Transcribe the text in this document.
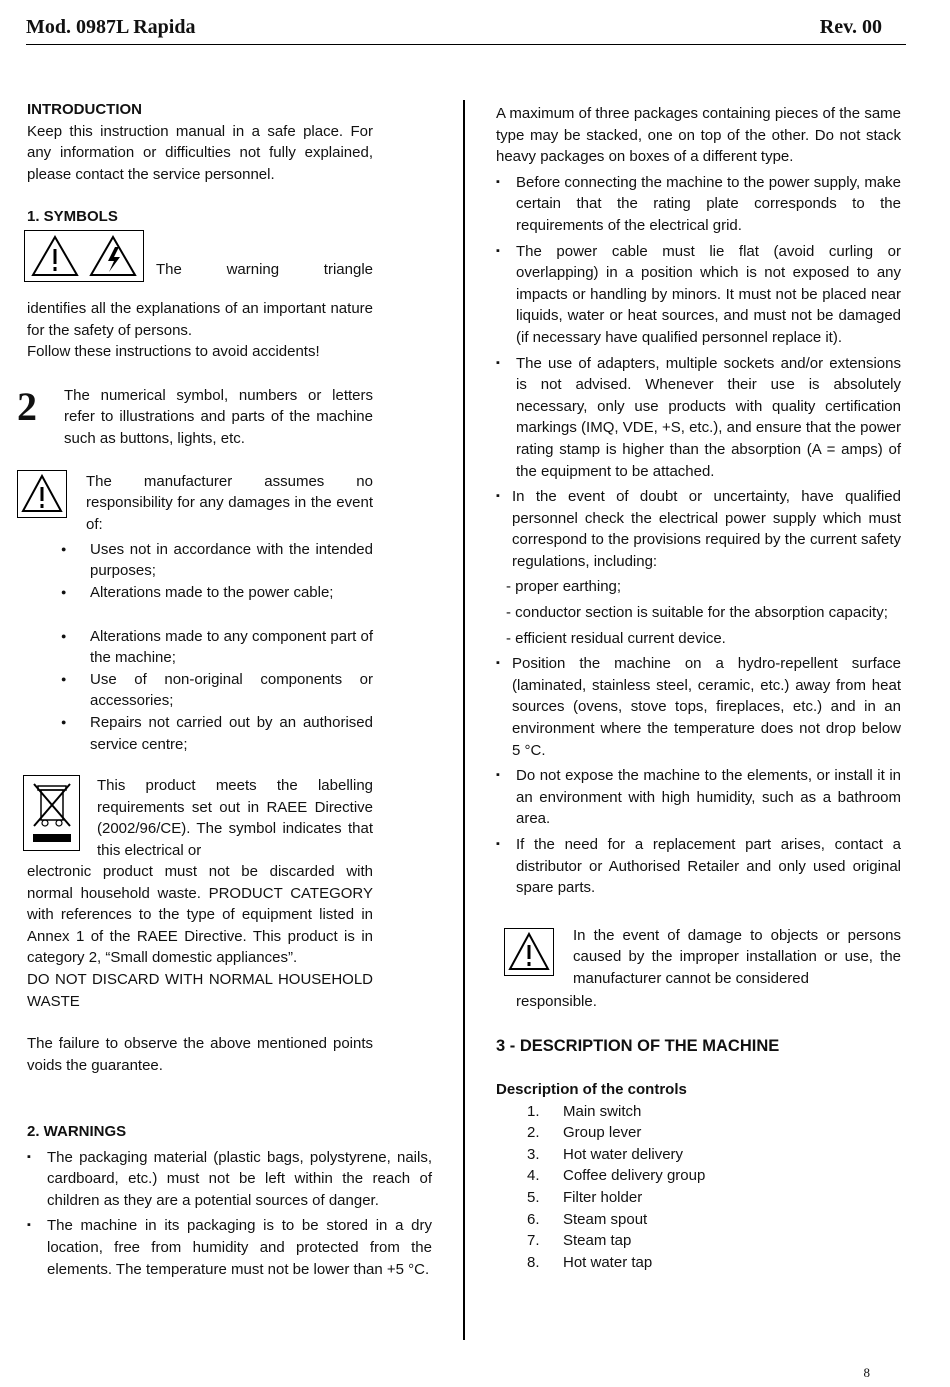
Mod. 0987L Rapida	Rev. 00

INTRODUCTION

Keep this instruction manual in a safe place. For any information or difficulties not fully explained, please contact the service personnel.

1. SYMBOLS

The	warning	triangle

identifies all the explanations of an important nature for the safety of persons.

Follow these instructions to avoid accidents!

2 The numerical symbol, numbers or letters refer to illustrations and parts of the machine such as buttons, lights, etc.

The manufacturer assumes no responsibility for any damages in the event of:

● Uses not in accordance with the intended purposes;
● Alterations made to the power cable;
● Alterations made to any component part of the machine;
● Use of non-original components or accessories;
● Repairs not carried out by an authorised service centre;

This product meets the labelling requirements set out in RAEE Directive (2002/96/CE). The symbol indicates that this electrical or

electronic product must not be discarded with normal household waste. PRODUCT CATEGORY with references to the type of equipment listed in Annex 1 of the RAEE Directive. This product is in category 2, “Small domestic appliances”.

DO NOT DISCARD WITH NORMAL HOUSEHOLD WASTE

The failure to observe the above mentioned points voids the guarantee.

2. WARNINGS

▪ The packaging material (plastic bags, polystyrene, nails, cardboard, etc.) must not be left within the reach of children as they are a potential sources of danger.
▪ The machine in its packaging is to be stored in a dry location, free from humidity and protected from the elements. The temperature must not be lower than +5 °C.

A maximum of three packages containing pieces of the same type may be stacked, one on top of the other. Do not stack heavy packages on boxes of a different type.

▪ Before connecting the machine to the power supply, make certain that the rating plate corresponds to the requirements of the electrical grid.
▪ The power cable must lie flat (avoid curling or overlapping) in a position which is not exposed to any impacts or handling by minors. It must not be placed near liquids, water or heat sources, and must not be damaged (if necessary have qualified personnel replace it).
▪ The use of adapters, multiple sockets and/or extensions is not advised. Whenever their use is absolutely necessary, only use products with quality certification markings (IMQ, VDE, +S, etc.), and ensure that the power rating stamp is higher than the absorption (A = amps) of the equipment to be attached.
▪ In the event of doubt or uncertainty, have qualified personnel check the electrical power supply which must correspond to the provisions required by the current safety regulations, including:
- proper earthing;
- conductor section is suitable for the absorption capacity;
- efficient residual current device.
▪ Position the machine on a hydro-repellent surface (laminated, stainless steel, ceramic, etc.) away from heat sources (ovens, stove tops, fireplaces, etc.) and in an environment where the temperature does not drop below 5 °C.
▪ Do not expose the machine to the elements, or install it in an environment with high humidity, such as a bathroom area.
▪ If the need for a replacement part arises, contact a distributor or Authorised Retailer and only used original spare parts.

In the event of damage to objects or persons caused by the improper installation or use, the manufacturer cannot be considered

responsible.

3 - DESCRIPTION OF THE MACHINE

Description of the controls

1. Main switch
2. Group lever
3. Hot water delivery
4. Coffee delivery group
5. Filter holder
6. Steam spout
7. Steam tap
8. Hot water tap
8
